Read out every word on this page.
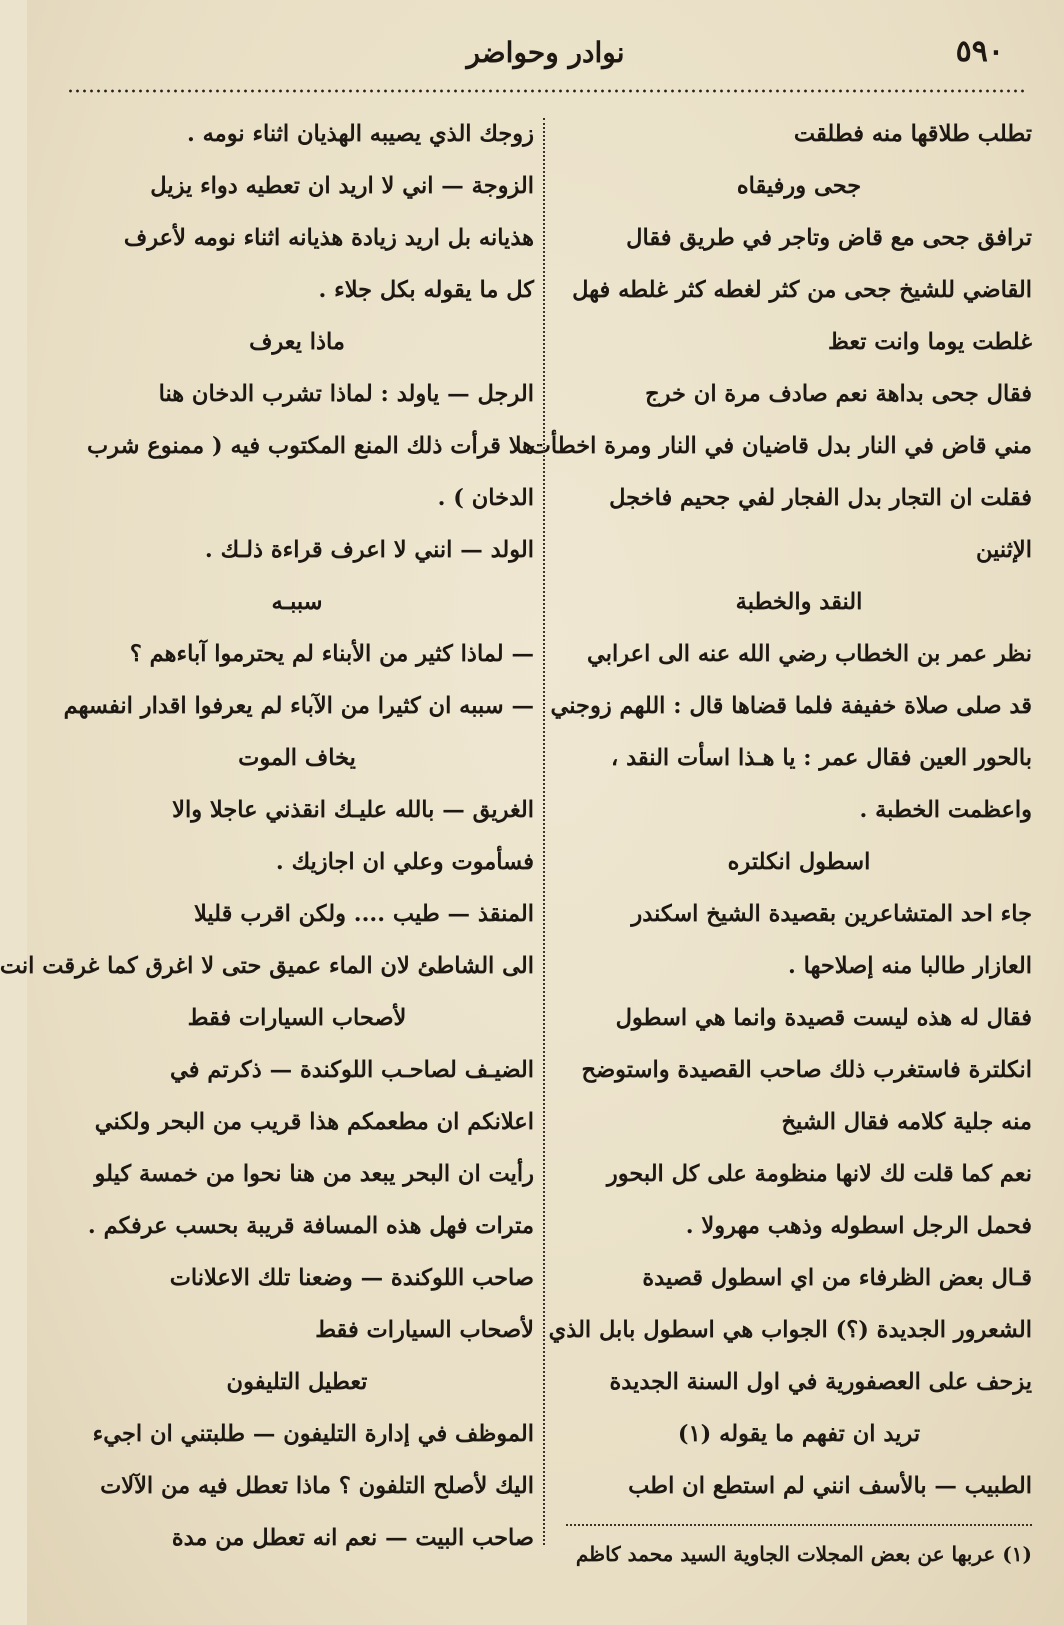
٥٩٠
نوادر وحواضر
تطلب طلاقها منه فطلقت
جحى ورفيقاه
ترافق جحى مع قاض وتاجر في طريق فقال
القاضي للشيخ جحى من كثر لغطه كثر غلطه فهل
غلطت يوما وانت تعظ
فقال جحى بداهة نعم صادف مرة ان خرج
مني قاض في النار بدل قاضيان في النار ومرة اخطأت
فقلت ان التجار بدل الفجار لفي جحيم فاخجل
الإثنين
النقد والخطبة
نظر عمر بن الخطاب رضي الله عنه الى اعرابي
قد صلى صلاة خفيفة فلما قضاها قال : اللهم زوجني
بالحور العين فقال عمر : يا هـذا اسأت النقد ،
واعظمت الخطبة .
اسطول انكلتره
جاء احد المتشاعرين بقصيدة الشيخ اسكندر
العازار طالبا منه إصلاحها .
فقال له هذه ليست قصيدة وانما هي اسطول
انكلترة فاستغرب ذلك صاحب القصيدة واستوضح
منه جلية كلامه فقال الشيخ
نعم كما قلت لك لانها منظومة على كل البحور
فحمل الرجل اسطوله وذهب مهرولا .
قـال بعض الظرفاء من اي اسطول قصيدة
الشعرور الجديدة (؟) الجواب هي اسطول بابل الذي
يزحف على العصفورية في اول السنة الجديدة
تريد ان تفهم ما يقوله (١)
الطبيب — بالأسف انني لم استطع ان اطب
زوجك الذي يصيبه الهذيان اثناء نومه .
الزوجة — اني لا اريد ان تعطيه دواء يزيل
هذيانه بل اريد زيادة هذيانه اثناء نومه لأعرف
كل ما يقوله بكل جلاء .
ماذا يعرف
الرجل — ياولد : لماذا تشرب الدخان هنا
هلا قرأت ذلك المنع المكتوب فيه ( ممنوع شرب
الدخان ) .
الولد — انني لا اعرف قراءة ذلـك .
سببـه
— لماذا كثير من الأبناء لم يحترموا آباءهم ؟
— سببه ان كثيرا من الآباء لم يعرفوا اقدار انفسهم
يخاف الموت
الغريق — بالله عليـك انقذني عاجلا والا
فسأموت وعلي ان اجازيك .
المنقذ — طيب .... ولكن اقرب قليلا
الى الشاطئ لان الماء عميق حتى لا اغرق كما غرقت انت
لأصحاب السيارات فقط
الضيـف لصاحـب اللوكندة — ذكرتم في
اعلانكم ان مطعمكم هذا قريب من البحر ولكني
رأيت ان البحر يبعد من هنا نحوا من خمسة كيلو
مترات فهل هذه المسافة قريبة بحسب عرفكم .
صاحب اللوكندة — وضعنا تلك الاعلانات
لأصحاب السيارات فقط
تعطيل التليفون
الموظف في إدارة التليفون — طلبتني ان اجيء
اليك لأصلح التلفون ؟ ماذا تعطل فيه من الآلات
صاحب البيت — نعم انه تعطل من مدة
(١) عربها عن بعض المجلات الجاوية السيد محمد كاظم
